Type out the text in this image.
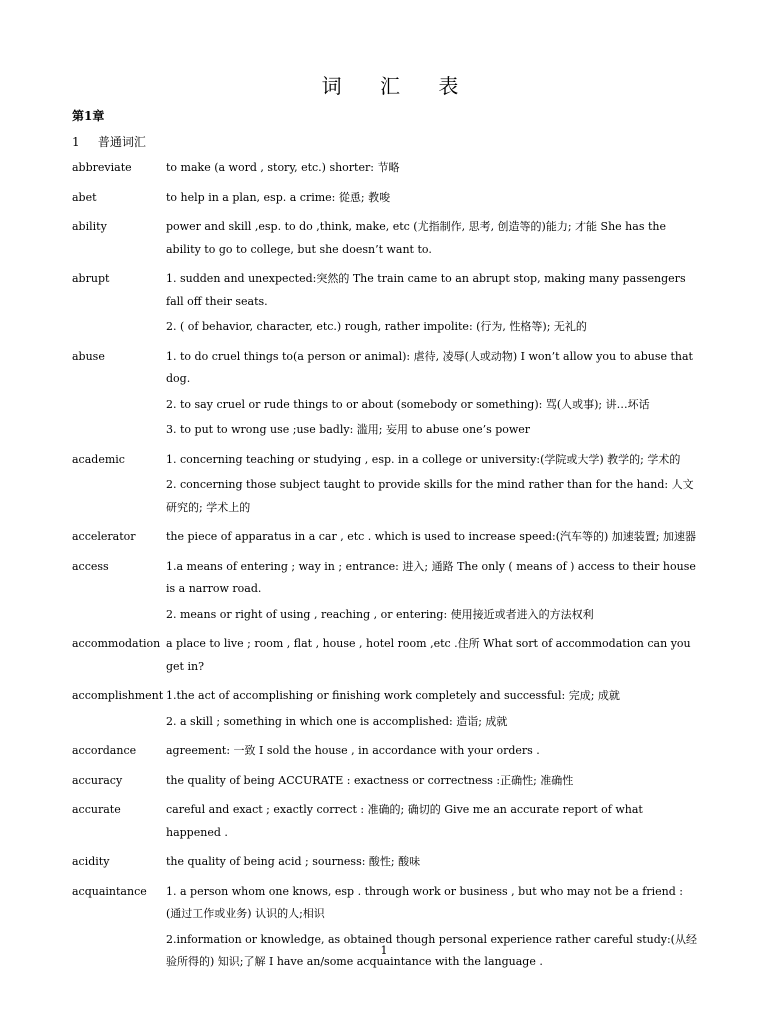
词 汇 表
第1章
1 普通词汇
abbreviate	to make (a word , story, etc.) shorter: 节略
abet	to help in a plan, esp. a crime: 從恿; 教唆
ability	power and skill ,esp. to do ,think, make, etc (尤指制作, 思考, 创造等的)能力; 才能 She has the ability to go to college, but she doesn’t want to.
abrupt	1. sudden and unexpected:突然的 The train came to an abrupt stop, making many passengers fall off their seats.
2. ( of behavior, character, etc.) rough, rather impolite: (行为, 性格等); 无礼的
abuse	1. to do cruel things to(a person or animal): 虐待, 凌辱(人或动物) I won’t allow you to abuse that dog.
2. to say cruel or rude things to or about (somebody or something): 骂(人或事); 讲…坏话
3. to put to wrong use ;use badly: 滥用; 妄用 to abuse one’s power
academic	1. concerning teaching or studying , esp. in a college or university:(学院或大学) 教学的; 学术的
2. concerning those subject taught to provide skills for the mind rather than for the hand: 人文研究的; 学术上的
accelerator	the piece of apparatus in a car , etc . which is used to increase speed:(汽车等的) 加速装置; 加速器
access	1.a means of entering ; way in ; entrance: 进入; 通路 The only ( means of ) access to their house is a narrow road.
2. means or right of using , reaching , or entering: 使用接近或者进入的方法权利
accommodation a place to live ; room , flat , house , hotel room ,etc .住所 What sort of accommodation can you get in?
accomplishment 1.the act of accomplishing or finishing work completely and successful: 完成; 成就
2. a skill ; something in which one is accomplished: 造诣; 成就
accordance	agreement: 一致 I sold the house , in accordance with your orders .
accuracy	the quality of being ACCURATE : exactness or correctness :正确性; 准确性
accurate	careful and exact ; exactly correct : 准确的; 确切的 Give me an accurate report of what happened .
acidity	the quality of being acid ; sourness: 酸性; 酸味
acquaintance	1. a person whom one knows, esp . through work or business , but who may not be a friend : (通过工作或业务) 认识的人;相识
2.information or knowledge, as obtained though personal experience rather careful study:(从经验所得的) 知识;了解 I have an/some acquaintance with the language .
1
